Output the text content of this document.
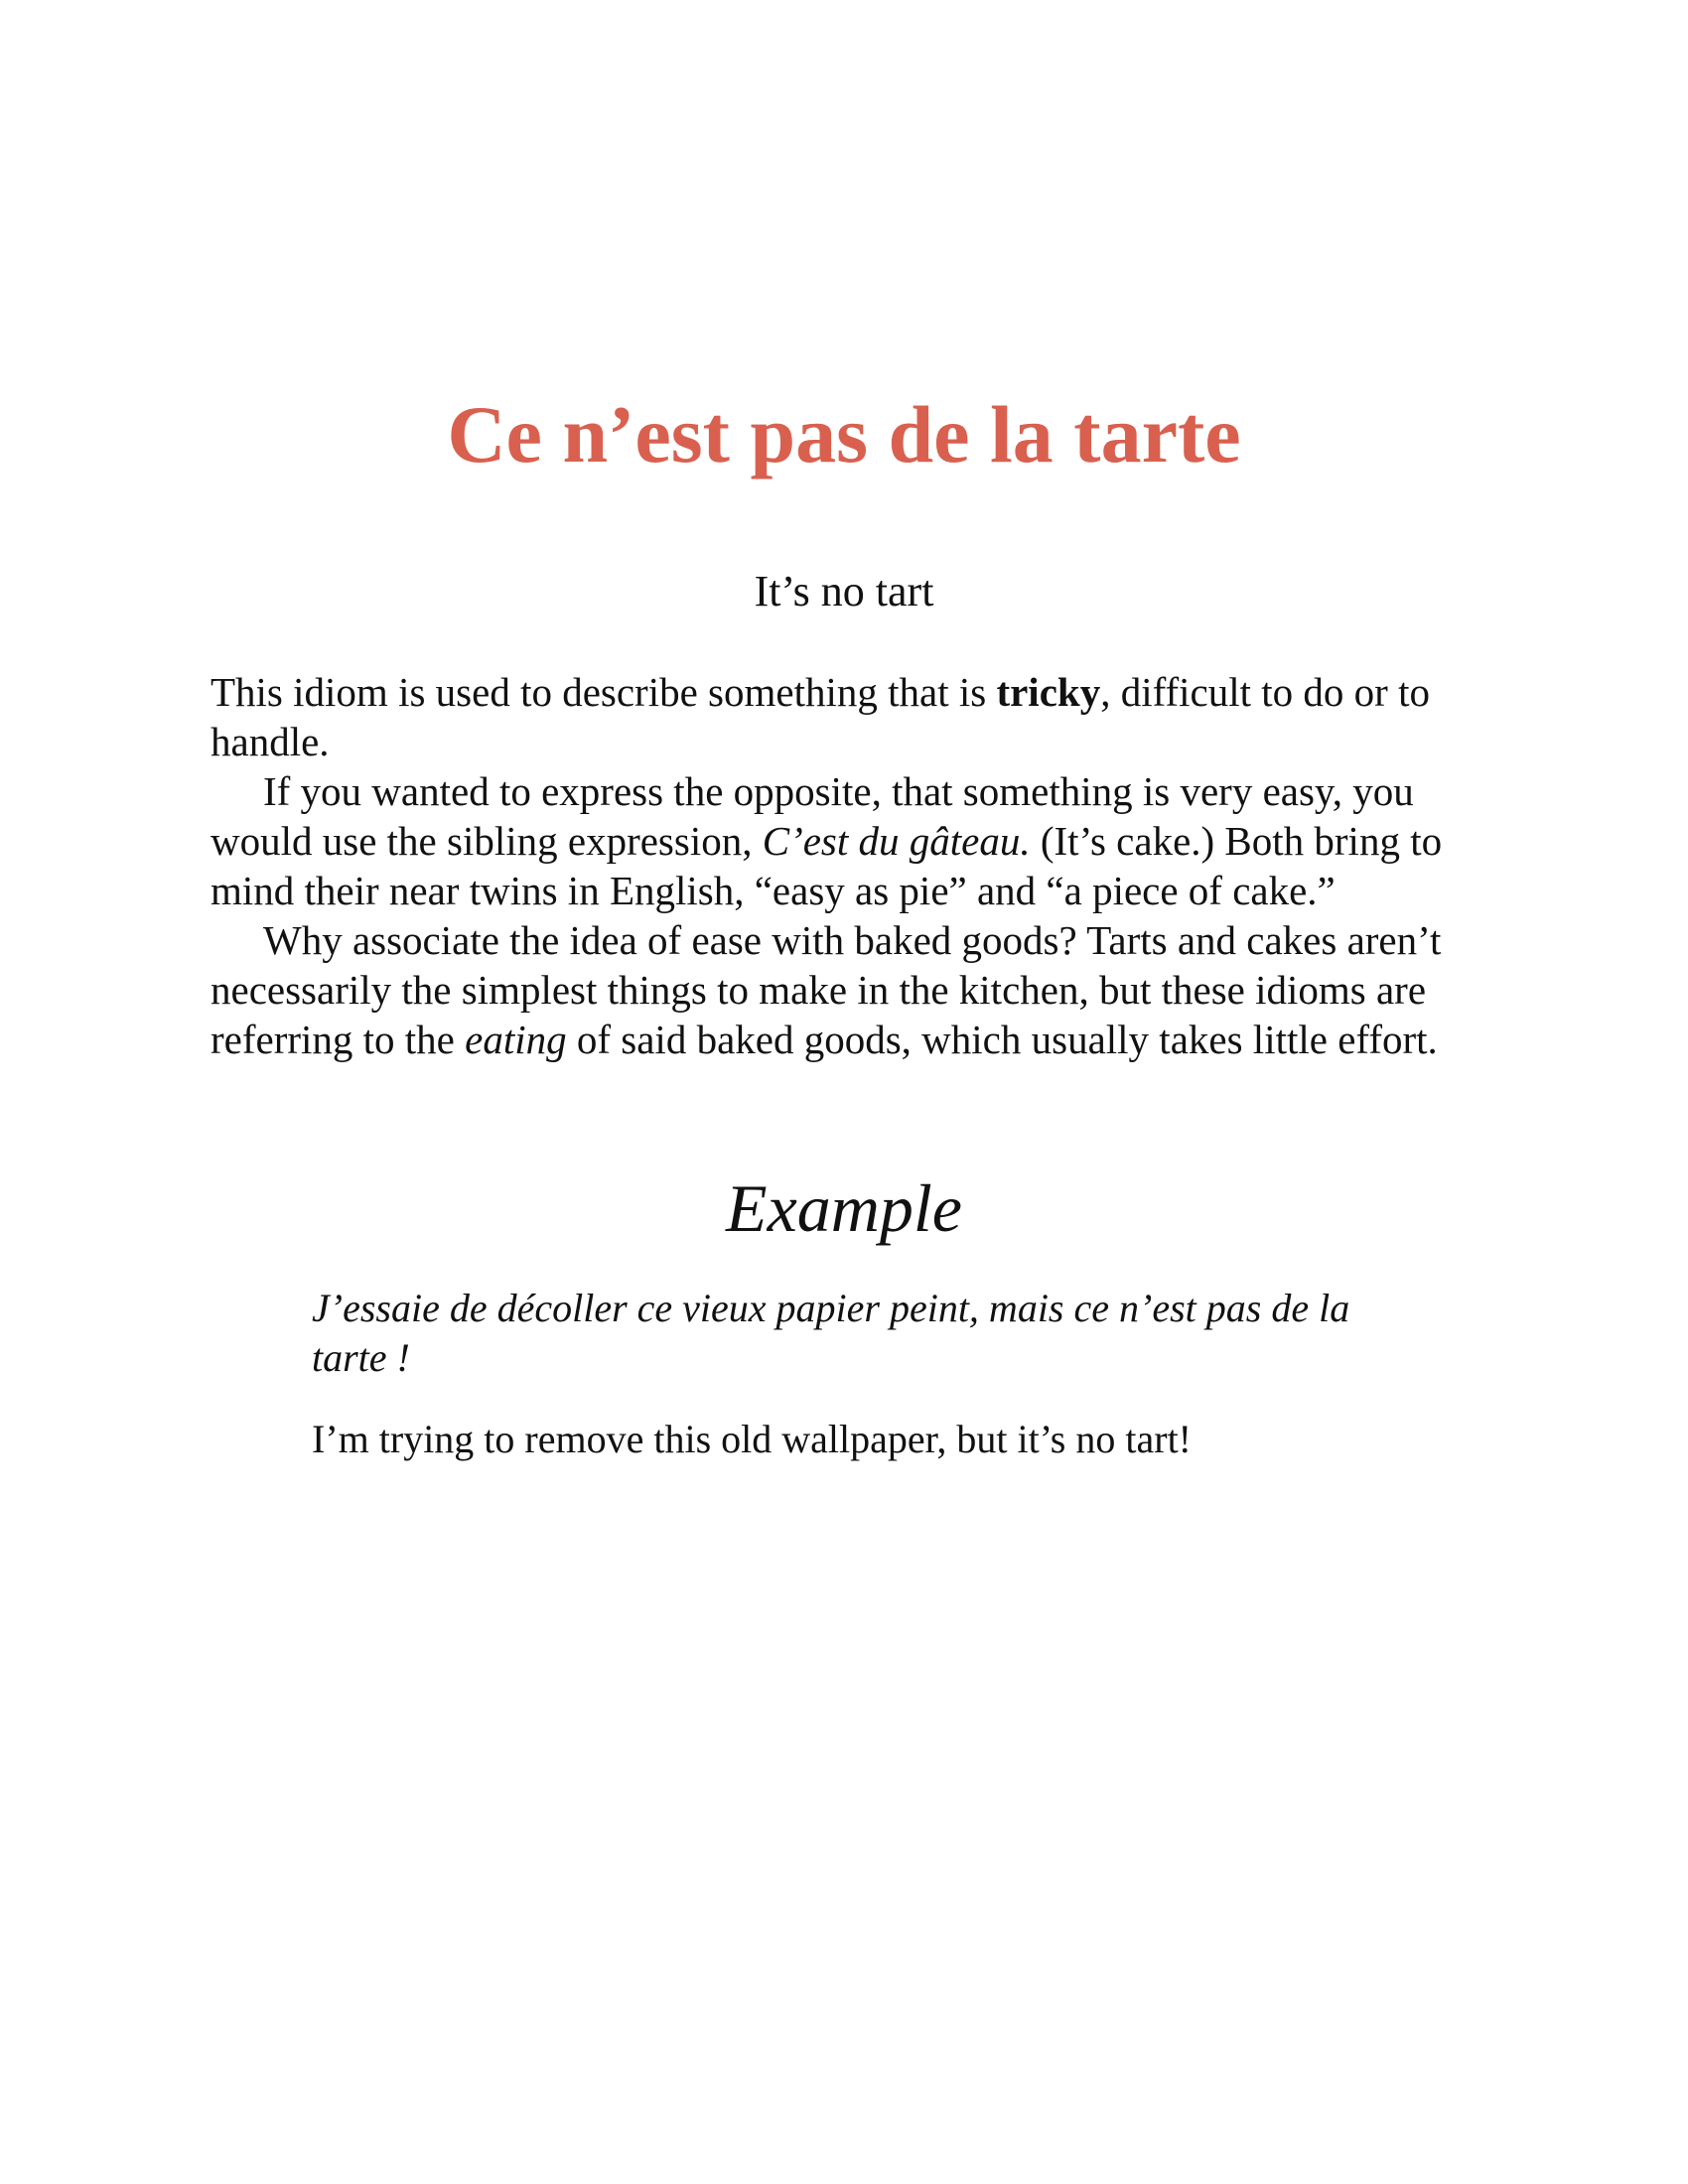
Ce n’est pas de la tarte
It’s no tart

This idiom is used to describe something that is tricky, difficult to do or to handle.

If you wanted to express the opposite, that something is very easy, you would use the sibling expression, C’est du gâteau. (It’s cake.) Both bring to mind their near twins in English, “easy as pie” and “a piece of cake.”

Why associate the idea of ease with baked goods? Tarts and cakes aren’t necessarily the simplest things to make in the kitchen, but these idioms are referring to the eating of said baked goods, which usually takes little effort.

Example

J’essaie de décoller ce vieux papier peint, mais ce n’est pas de la tarte !

I’m trying to remove this old wallpaper, but it’s no tart!
